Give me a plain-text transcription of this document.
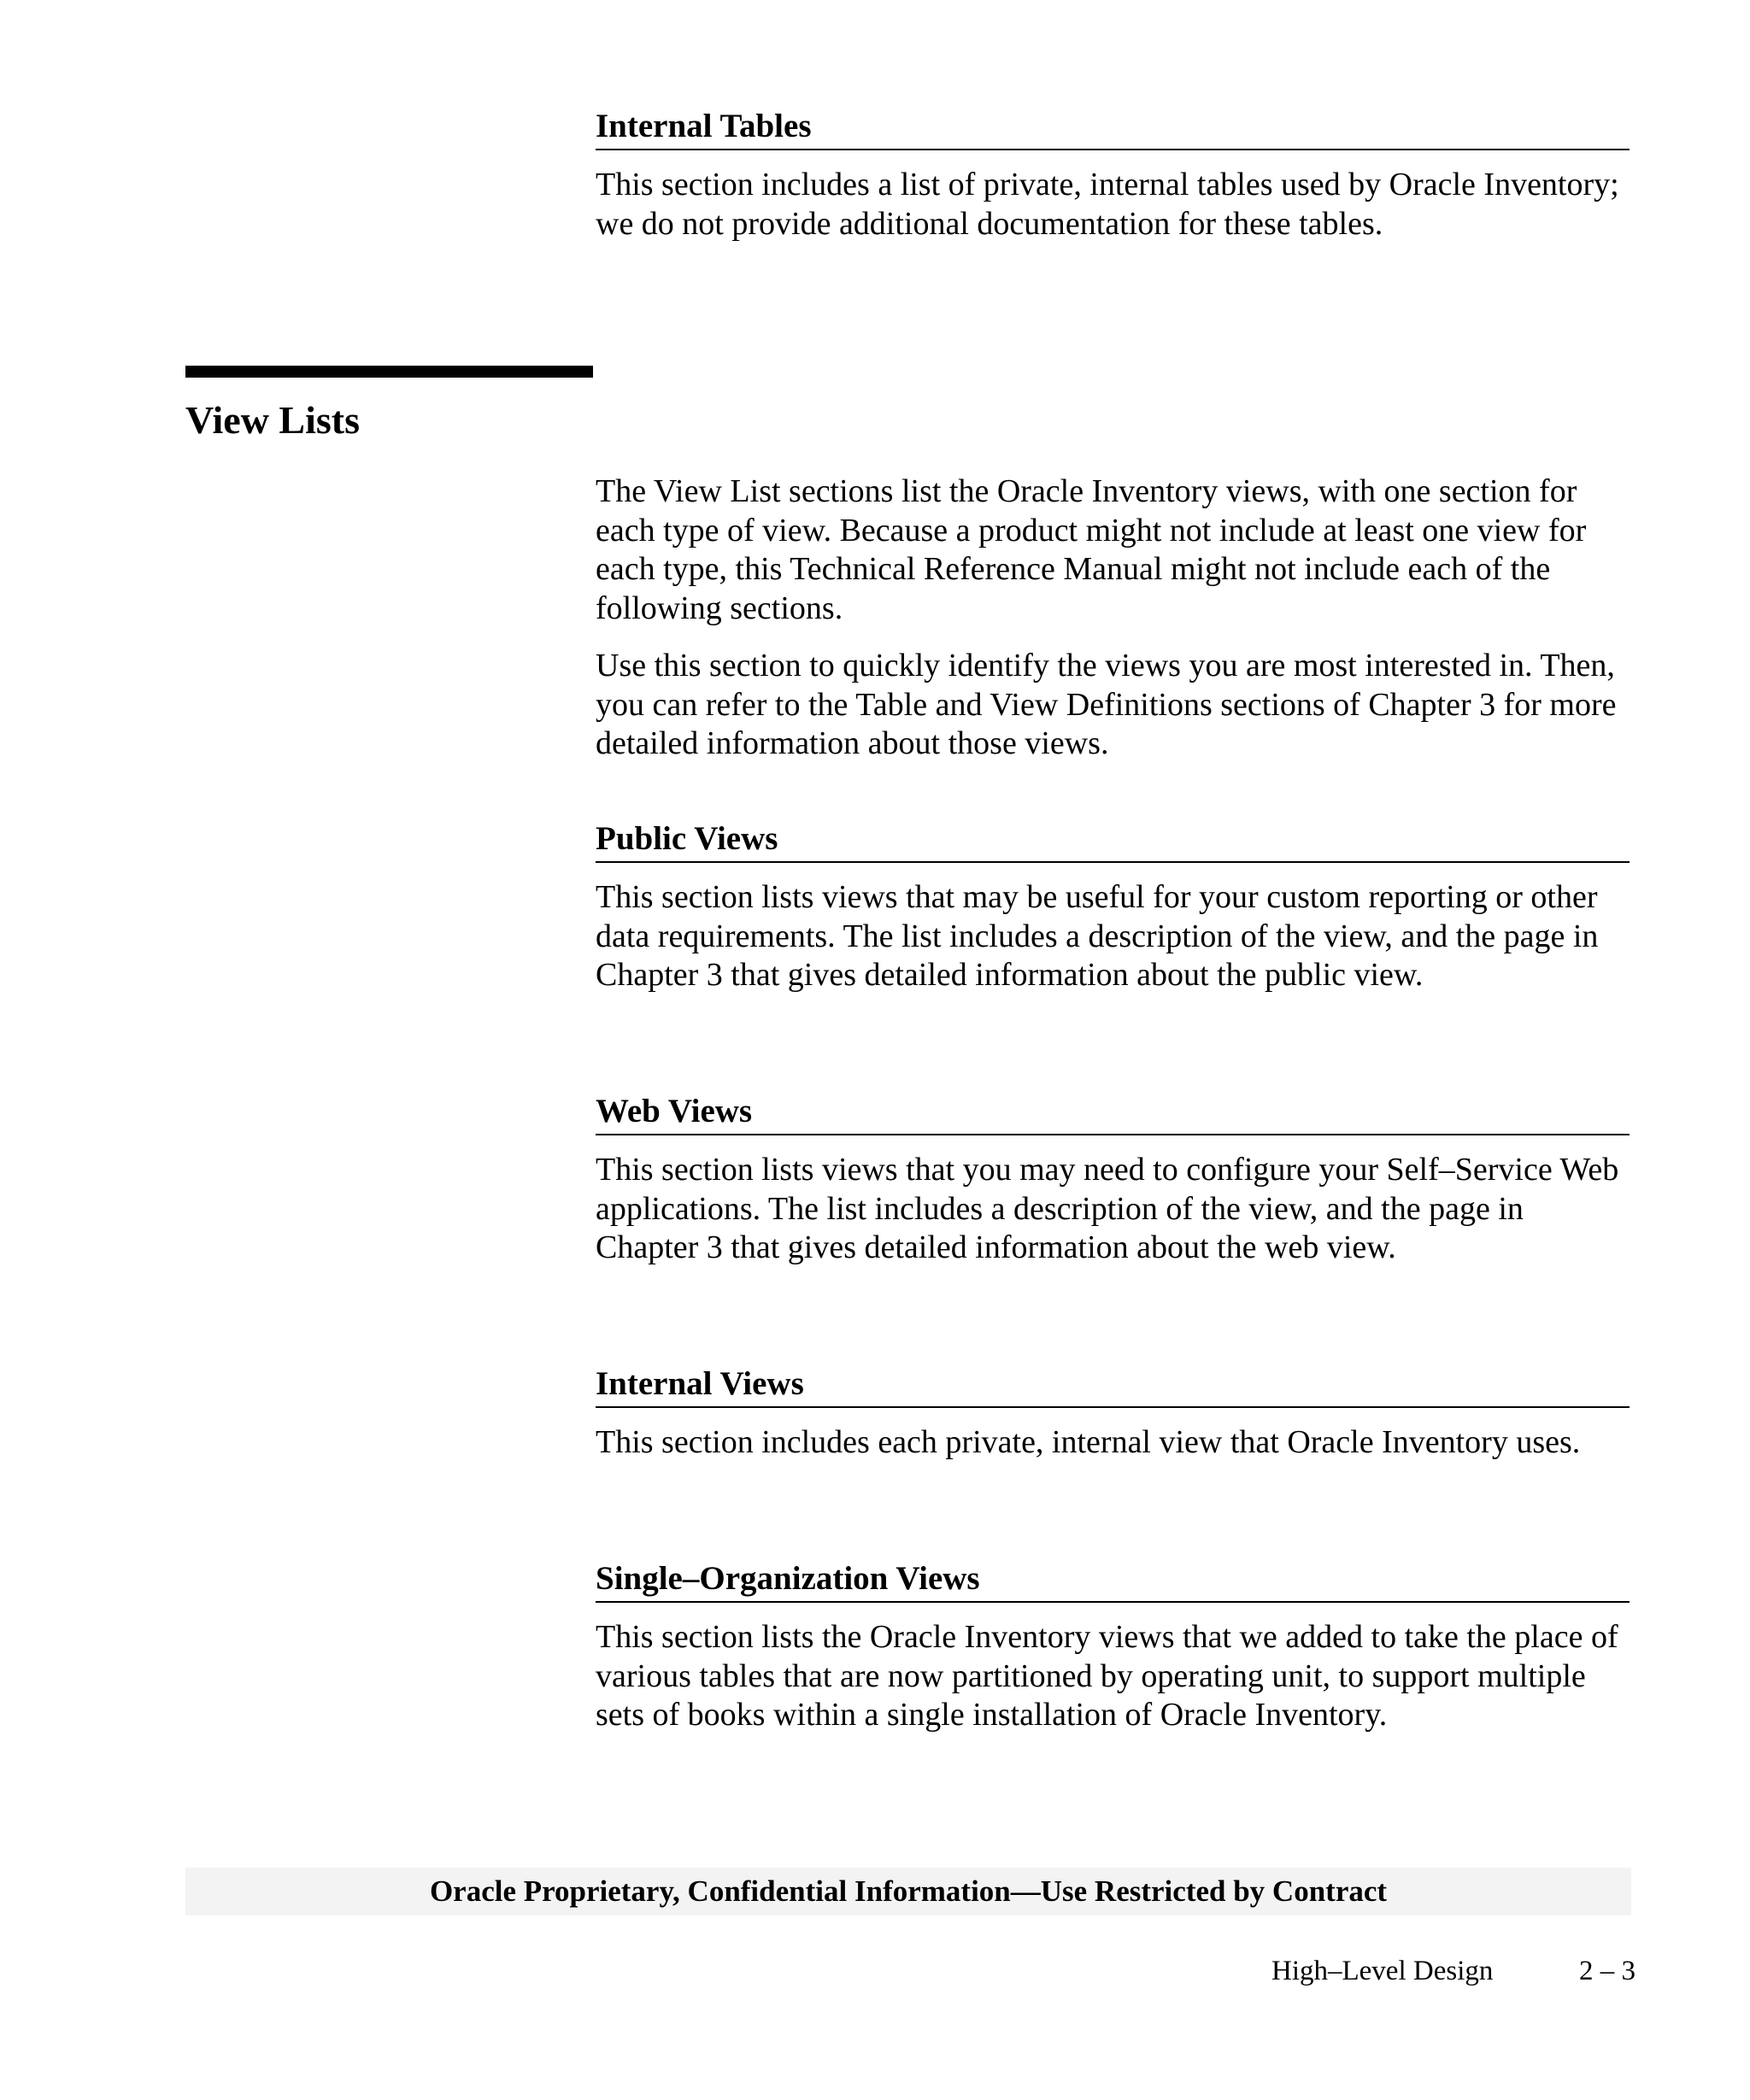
Internal Tables

This section includes a list of private, internal tables used by Oracle Inventory; we do not provide additional documentation for these tables.

View Lists

The View List sections list the Oracle Inventory views, with one section for each type of view. Because a product might not include at least one view for each type, this Technical Reference Manual might not include each of the following sections.

Use this section to quickly identify the views you are most interested in. Then, you can refer to the Table and View Definitions sections of Chapter 3 for more detailed information about those views.

Public Views

This section lists views that may be useful for your custom reporting or other data requirements. The list includes a description of the view, and the page in Chapter 3 that gives detailed information about the public view.

Web Views

This section lists views that you may need to configure your Self–Service Web applications. The list includes a description of the view, and the page in Chapter 3 that gives detailed information about the web view.

Internal Views

This section includes each private, internal view that Oracle Inventory uses.

Single–Organization Views

This section lists the Oracle Inventory views that we added to take the place of various tables that are now partitioned by operating unit, to support multiple sets of books within a single installation of Oracle Inventory.

Oracle Proprietary, Confidential Information––Use Restricted by Contract
High–Level Design	2 – 3
